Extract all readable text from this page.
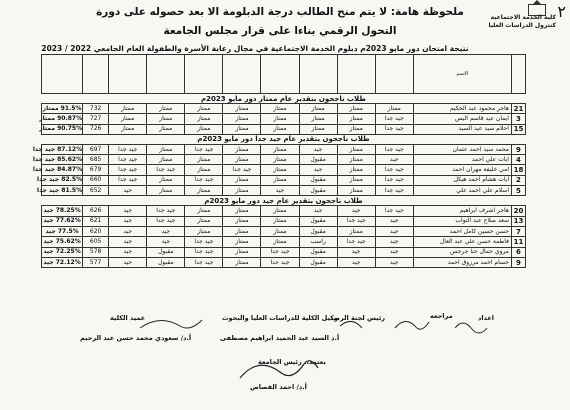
٢
كلية الخدمة الاجتماعية
كنترول الدراسات العليا
ملحوظة هامة: لا يتم منح الطالب درجة الدبلومة الا بعد حصوله على دورة
التحول الرقمي بناءا على قرار مجلس الجامعة
نتيجة امتحان دور مايو 2023م دبلوم الخدمة الاجتماعية في مجال رعاية الأسرة والطفولة العام الجامعي 2022 / 2023
	الاسم										
طلاب ناجحون بتقدير عام ممتاز دور مايو 2023م											
21	هاجر محمود عبد الحكيم	ممتاز	ممتاز	ممتاز	ممتاز	ممتاز	ممتاز	ممتاز	ممتاز	732	91.5% ممتاز
3	ايمان عيد قاسم اليس	جيد جدا	ممتاز	ممتاز	ممتاز	ممتاز	ممتاز	ممتاز	ممتاز	727	90.87% ممتاز
15	احلام سيد عيد السيد	جيد جدا	ممتاز	ممتاز	ممتاز	ممتاز	ممتاز	ممتاز	ممتاز	726	90.75% ممتاز
طلاب ناجحون بتقدير عام جيد جدا دور مايو 2023م											
9	محمد سيد احمد عثمان	جيد جدا	ممتاز	جيد	ممتاز	ممتاز	جيد جدا	ممتاز	جيد جدا	697	87.12% جيد جدا
4	ايات علي احمد	جيد	ممتاز	مقبول	ممتاز	ممتاز	ممتاز	ممتاز	جيد جدا	685	85.62% جيد جدا
18	امي خليفة مهران احمد	جيد جدا	ممتاز	جيد	ممتاز	جيد جدا	ممتاز	جيد جدا	جيد جدا	679	84.87% جيد جدا
2	ايات هشام احمد هيكل	جيد جدا	ممتاز	مقبول	ممتاز	ممتاز	جيد جدا	ممتاز	جيد جدا	660	82.5% جيد جدا
5	اسلام علي احمد علي	جيد جدا	ممتاز	مقبول	جيد	ممتاز	ممتاز	ممتاز	جيد	652	81.5% جيد جدا
طلاب ناجحون بتقدير عام جيد دور مايو 2023م											
20	هاجر اشرف ابراهيم	جيد جدا	جيد	جيد	ممتاز	ممتاز	ممتاز	جيد جدا	جيد	626	78.25% جيد
13	سعد صلاح عبد التواب	جيد	جيد جدا	مقبول	ممتاز	ممتاز	ممتاز	جيد جدا	جيد	621	77.62% جيد
7	حسن حسين كامل احمد	جيد	ممتاز	مقبول	ممتاز	ممتاز	ممتاز	جيد	جيد	620	77.5% جيد
11	فاطمة حسن علي عبد العال	جيد	جيد جدا	راسب	ممتاز	ممتاز	جيد جدا	جيد	جيد	605	75.62% جيد
6	مروي جمال حنا جرجس	جيد	جيد	مقبول	جيد جدا	ممتاز	جيد جدا	مقبول	جيد	578	72.25% جيد
9	حسام احمد مرزوق احمد	جيد	جيد	مقبول	جيد جدا	ممتاز	جيد جدا	مقبول	جيد	577	72.12% جيد
اعداد
مراجعه
رئيس لجنة الرصد
وكيل الكلية للدراسات العليا والبحوث
أ.د السيد عبد الحميد ابراهيم مصطفى
عميد الكلية
أ.د/ سعودي محمد حسن عبد الرحيم
يعتمد،، رئيس الجامعة
أ.د/ احمد القصاص
